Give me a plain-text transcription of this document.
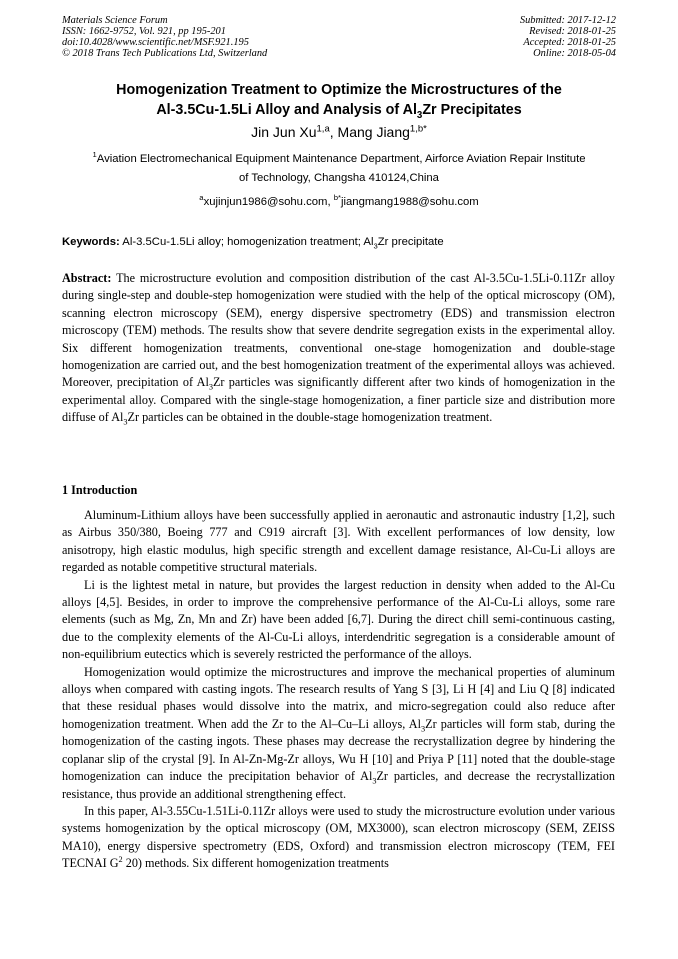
Materials Science Forum
ISSN: 1662-9752, Vol. 921, pp 195-201
doi:10.4028/www.scientific.net/MSF.921.195
© 2018 Trans Tech Publications Ltd, Switzerland
Submitted: 2017-12-12
Revised: 2018-01-25
Accepted: 2018-01-25
Online: 2018-05-04
Homogenization Treatment to Optimize the Microstructures of the
Al-3.5Cu-1.5Li Alloy and Analysis of $Al_3Zr$ Precipitates
Jin Jun Xu$^{1,a}$, Mang Jiang$^{1,b*}$
$^1$Aviation Electromechanical Equipment Maintenance Department, Airforce Aviation Repair Institute
of Technology, Changsha 410124,China
$^a$xujinjun1986@sohu.com, $^{b*}$jiangmang1988@sohu.com
Keywords: Al-3.5Cu-1.5Li alloy; homogenization treatment; $Al_3Zr$ precipitate
Abstract: The microstructure evolution and composition distribution of the cast Al-3.5Cu-1.5Li-0.11Zr alloy during single-step and double-step homogenization were studied with the help of the optical microscopy (OM), scanning electron microscopy (SEM), energy dispersive spectrometry (EDS) and transmission electron microscopy (TEM) methods. The results show that severe dendrite segregation exists in the experimental alloy. Six different homogenization treatments, conventional one-stage homogenization and double-stage homogenization are carried out, and the best homogenization treatment of the experimental alloys was achieved. Moreover, precipitation of $Al_3Zr$ particles was significantly different after two kinds of homogenization in the experimental alloy. Compared with the single-stage homogenization, a finer particle size and distribution more diffuse of $Al_3Zr$ particles can be obtained in the double-stage homogenization treatment.
1 Introduction

Aluminum-Lithium alloys have been successfully applied in aeronautic and astronautic industry [1,2], such as Airbus 350/380, Boeing 777 and C919 aircraft [3]. With excellent performances of low density, low anisotropy, high elastic modulus, high specific strength and excellent damage resistance, Al-Cu-Li alloys are regarded as notable competitive structural materials.

Li is the lightest metal in nature, but provides the largest reduction in density when added to the Al-Cu alloys [4,5]. Besides, in order to improve the comprehensive performance of the Al-Cu-Li alloys, some rare elements (such as Mg, Zn, Mn and Zr) have been added [6,7]. During the direct chill semi-continuous casting, due to the complexity elements of the Al-Cu-Li alloys, interdendritic segregation is a considerable amount of non-equilibrium eutectics which is severely restricted the performance of the alloys.

Homogenization would optimize the microstructures and improve the mechanical properties of aluminum alloys when compared with casting ingots. The research results of Yang S [3], Li H [4] and Liu Q [8] indicated that these residual phases would dissolve into the matrix, and micro-segregation could also reduce after homogenization treatment. When add the Zr to the Al–Cu–Li alloys, $Al_3Zr$ particles will form stab, during the homogenization of the casting ingots. These phases may decrease the recrystallization degree by hindering the coplanar slip of the crystal [9]. In Al-Zn-Mg-Zr alloys, Wu H [10] and Priya P [11] noted that the double-stage homogenization can induce the precipitation behavior of $Al_3Zr$ particles, and decrease the recrystallization resistance, thus provide an additional strengthening effect.

In this paper, Al-3.55Cu-1.51Li-0.11Zr alloys were used to study the microstructure evolution under various systems homogenization by the optical microscopy (OM, MX3000), scan electron microscopy (SEM, ZEISS MA10), energy dispersive spectrometry (EDS, Oxford) and transmission electron microscopy (TEM, FEI TECNAI $G^2$ 20) methods. Six different homogenization treatments
